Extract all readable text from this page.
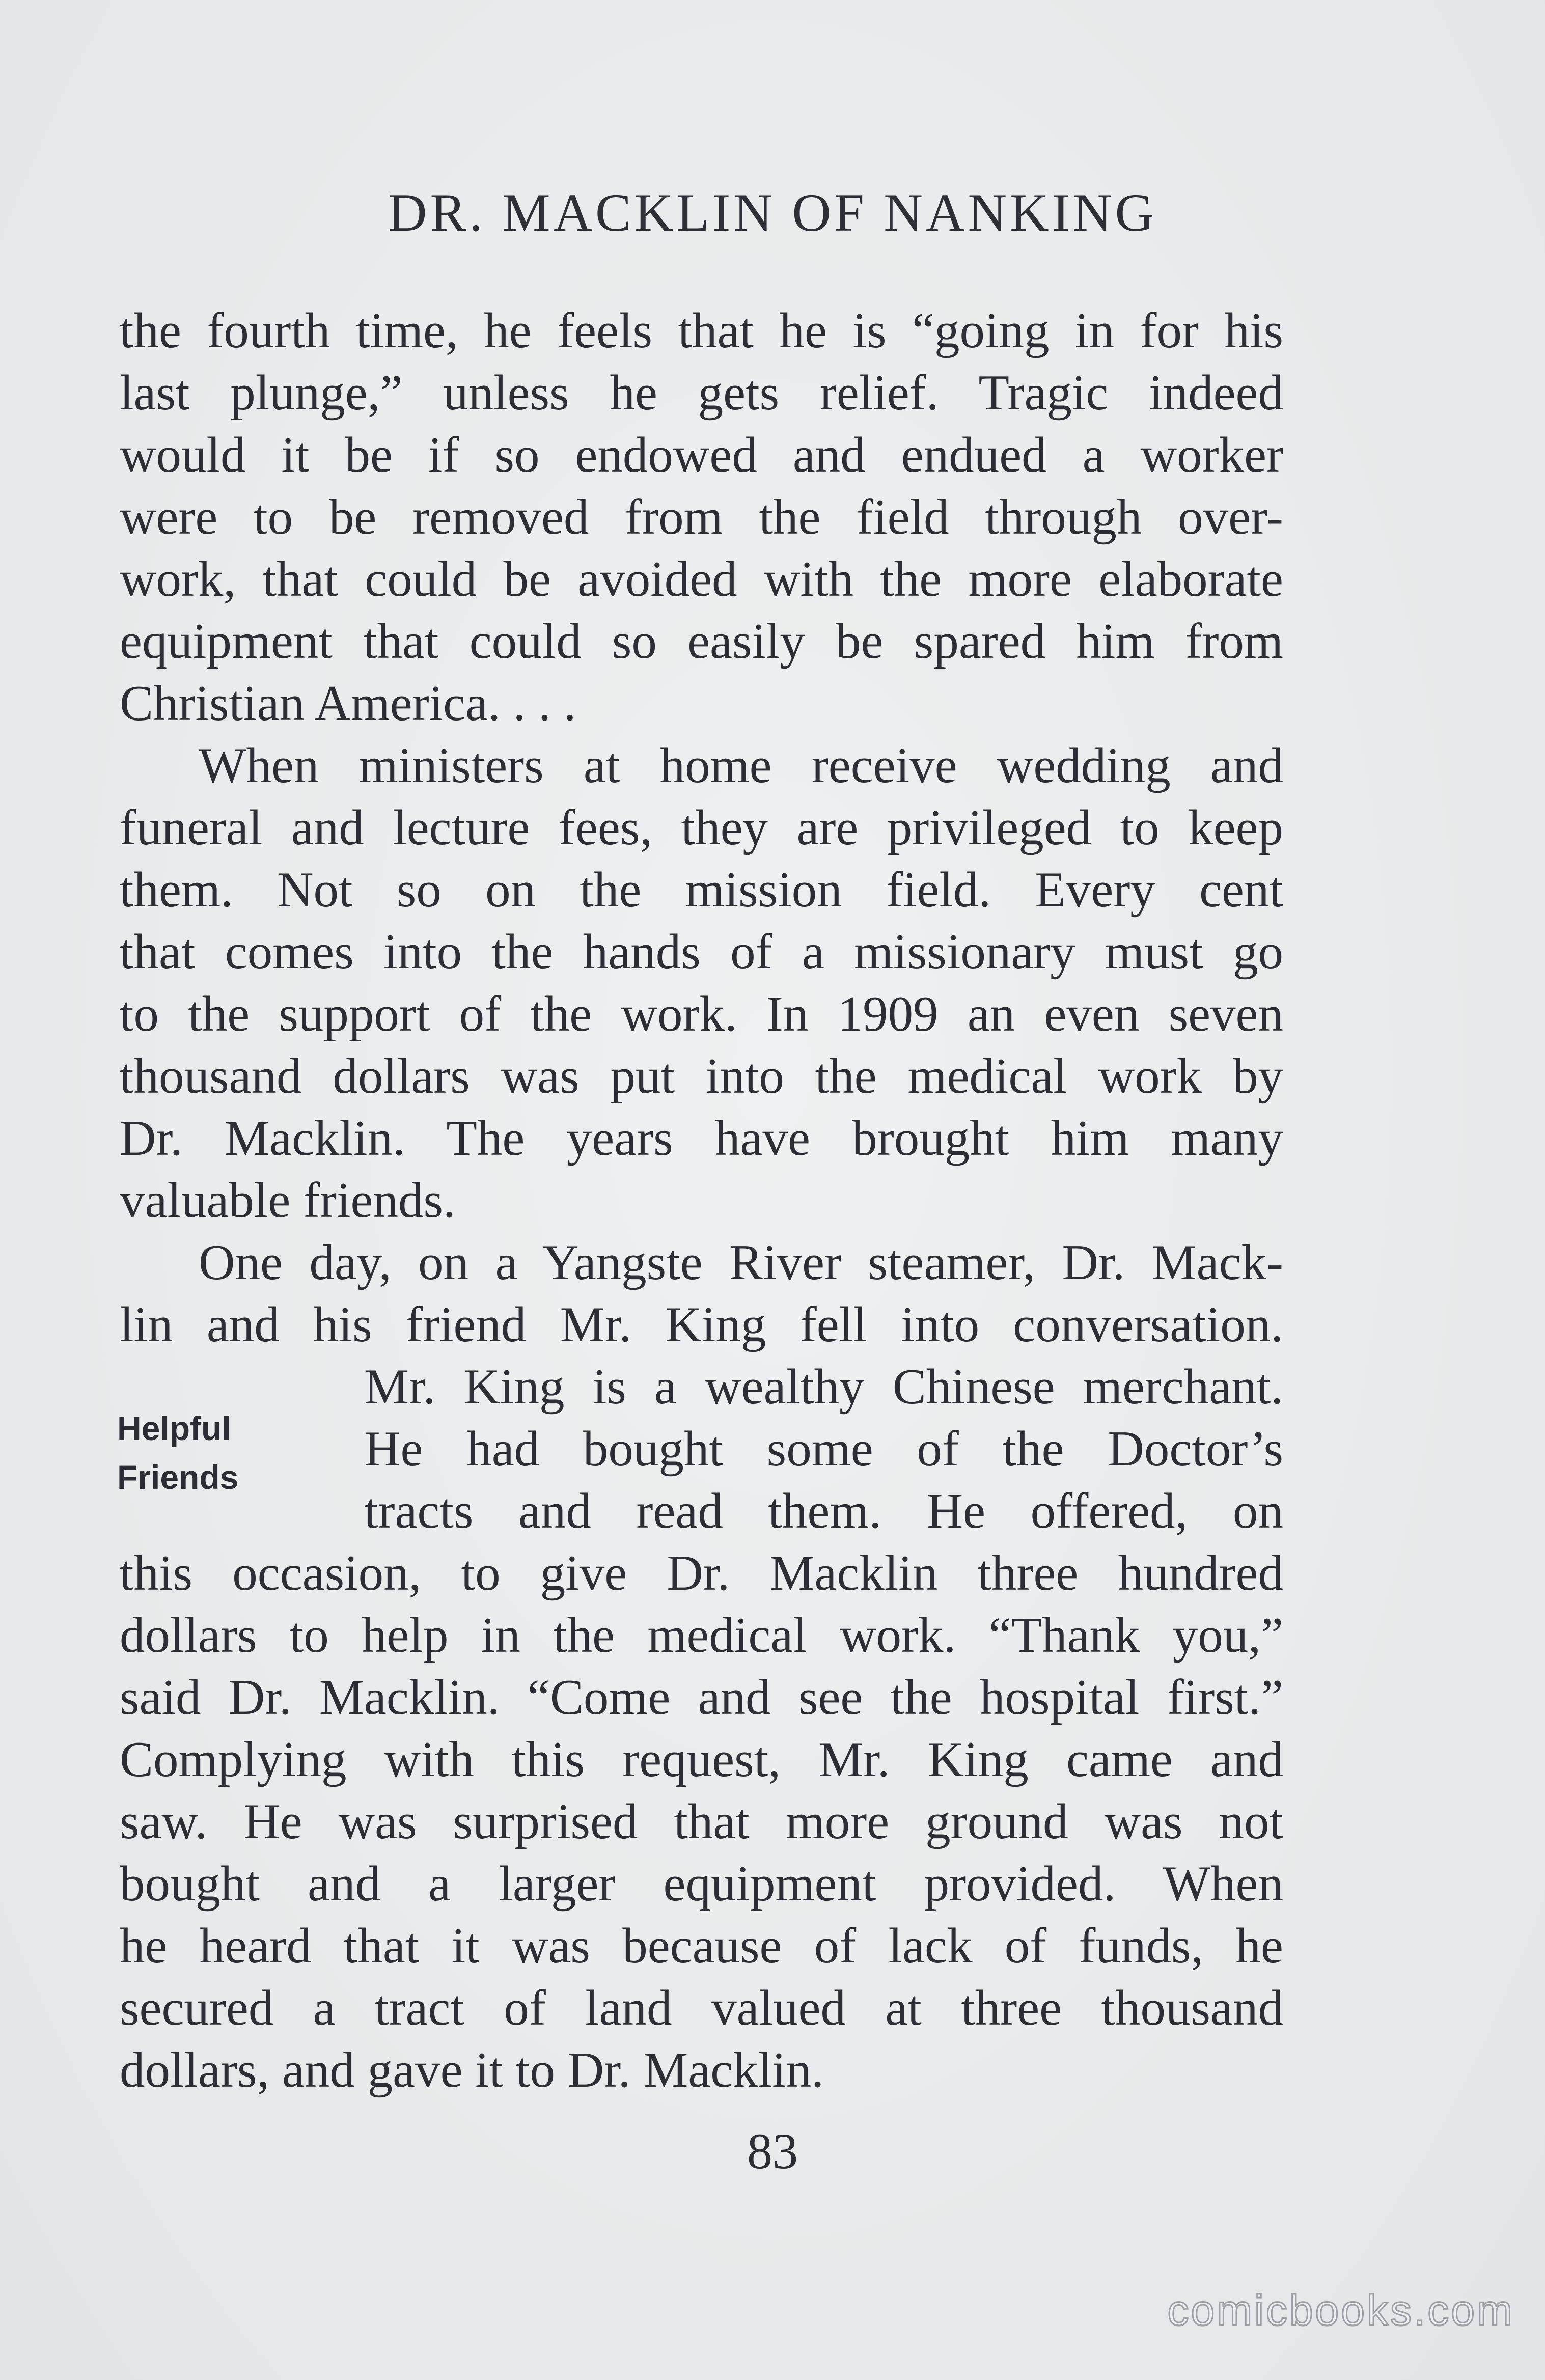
DR. MACKLIN OF NANKING
the fourth time, he feels that he is “going in for his
last plunge,” unless he gets relief. Tragic indeed
would it be if so endowed and endued a worker
were to be removed from the field through over-
work, that could be avoided with the more elaborate
equipment that could so easily be spared him from
Christian America. . . .
When ministers at home receive wedding and
funeral and lecture fees, they are privileged to keep
them. Not so on the mission field. Every cent
that comes into the hands of a missionary must go
to the support of the work. In 1909 an even seven
thousand dollars was put into the medical work by
Dr. Macklin. The years have brought him many
valuable friends.
One day, on a Yangste River steamer, Dr. Mack-
lin and his friend Mr. King fell into conversation.
Mr. King is a wealthy Chinese merchant.
He had bought some of the Doctor’s
tracts and read them. He offered, on
this occasion, to give Dr. Macklin three hundred
dollars to help in the medical work. “Thank you,”
said Dr. Macklin. “Come and see the hospital first.”
Complying with this request, Mr. King came and
saw. He was surprised that more ground was not
bought and a larger equipment provided. When
he heard that it was because of lack of funds, he
secured a tract of land valued at three thousand
dollars, and gave it to Dr. Macklin.
Helpful
Friends
83
comicbooks.com
